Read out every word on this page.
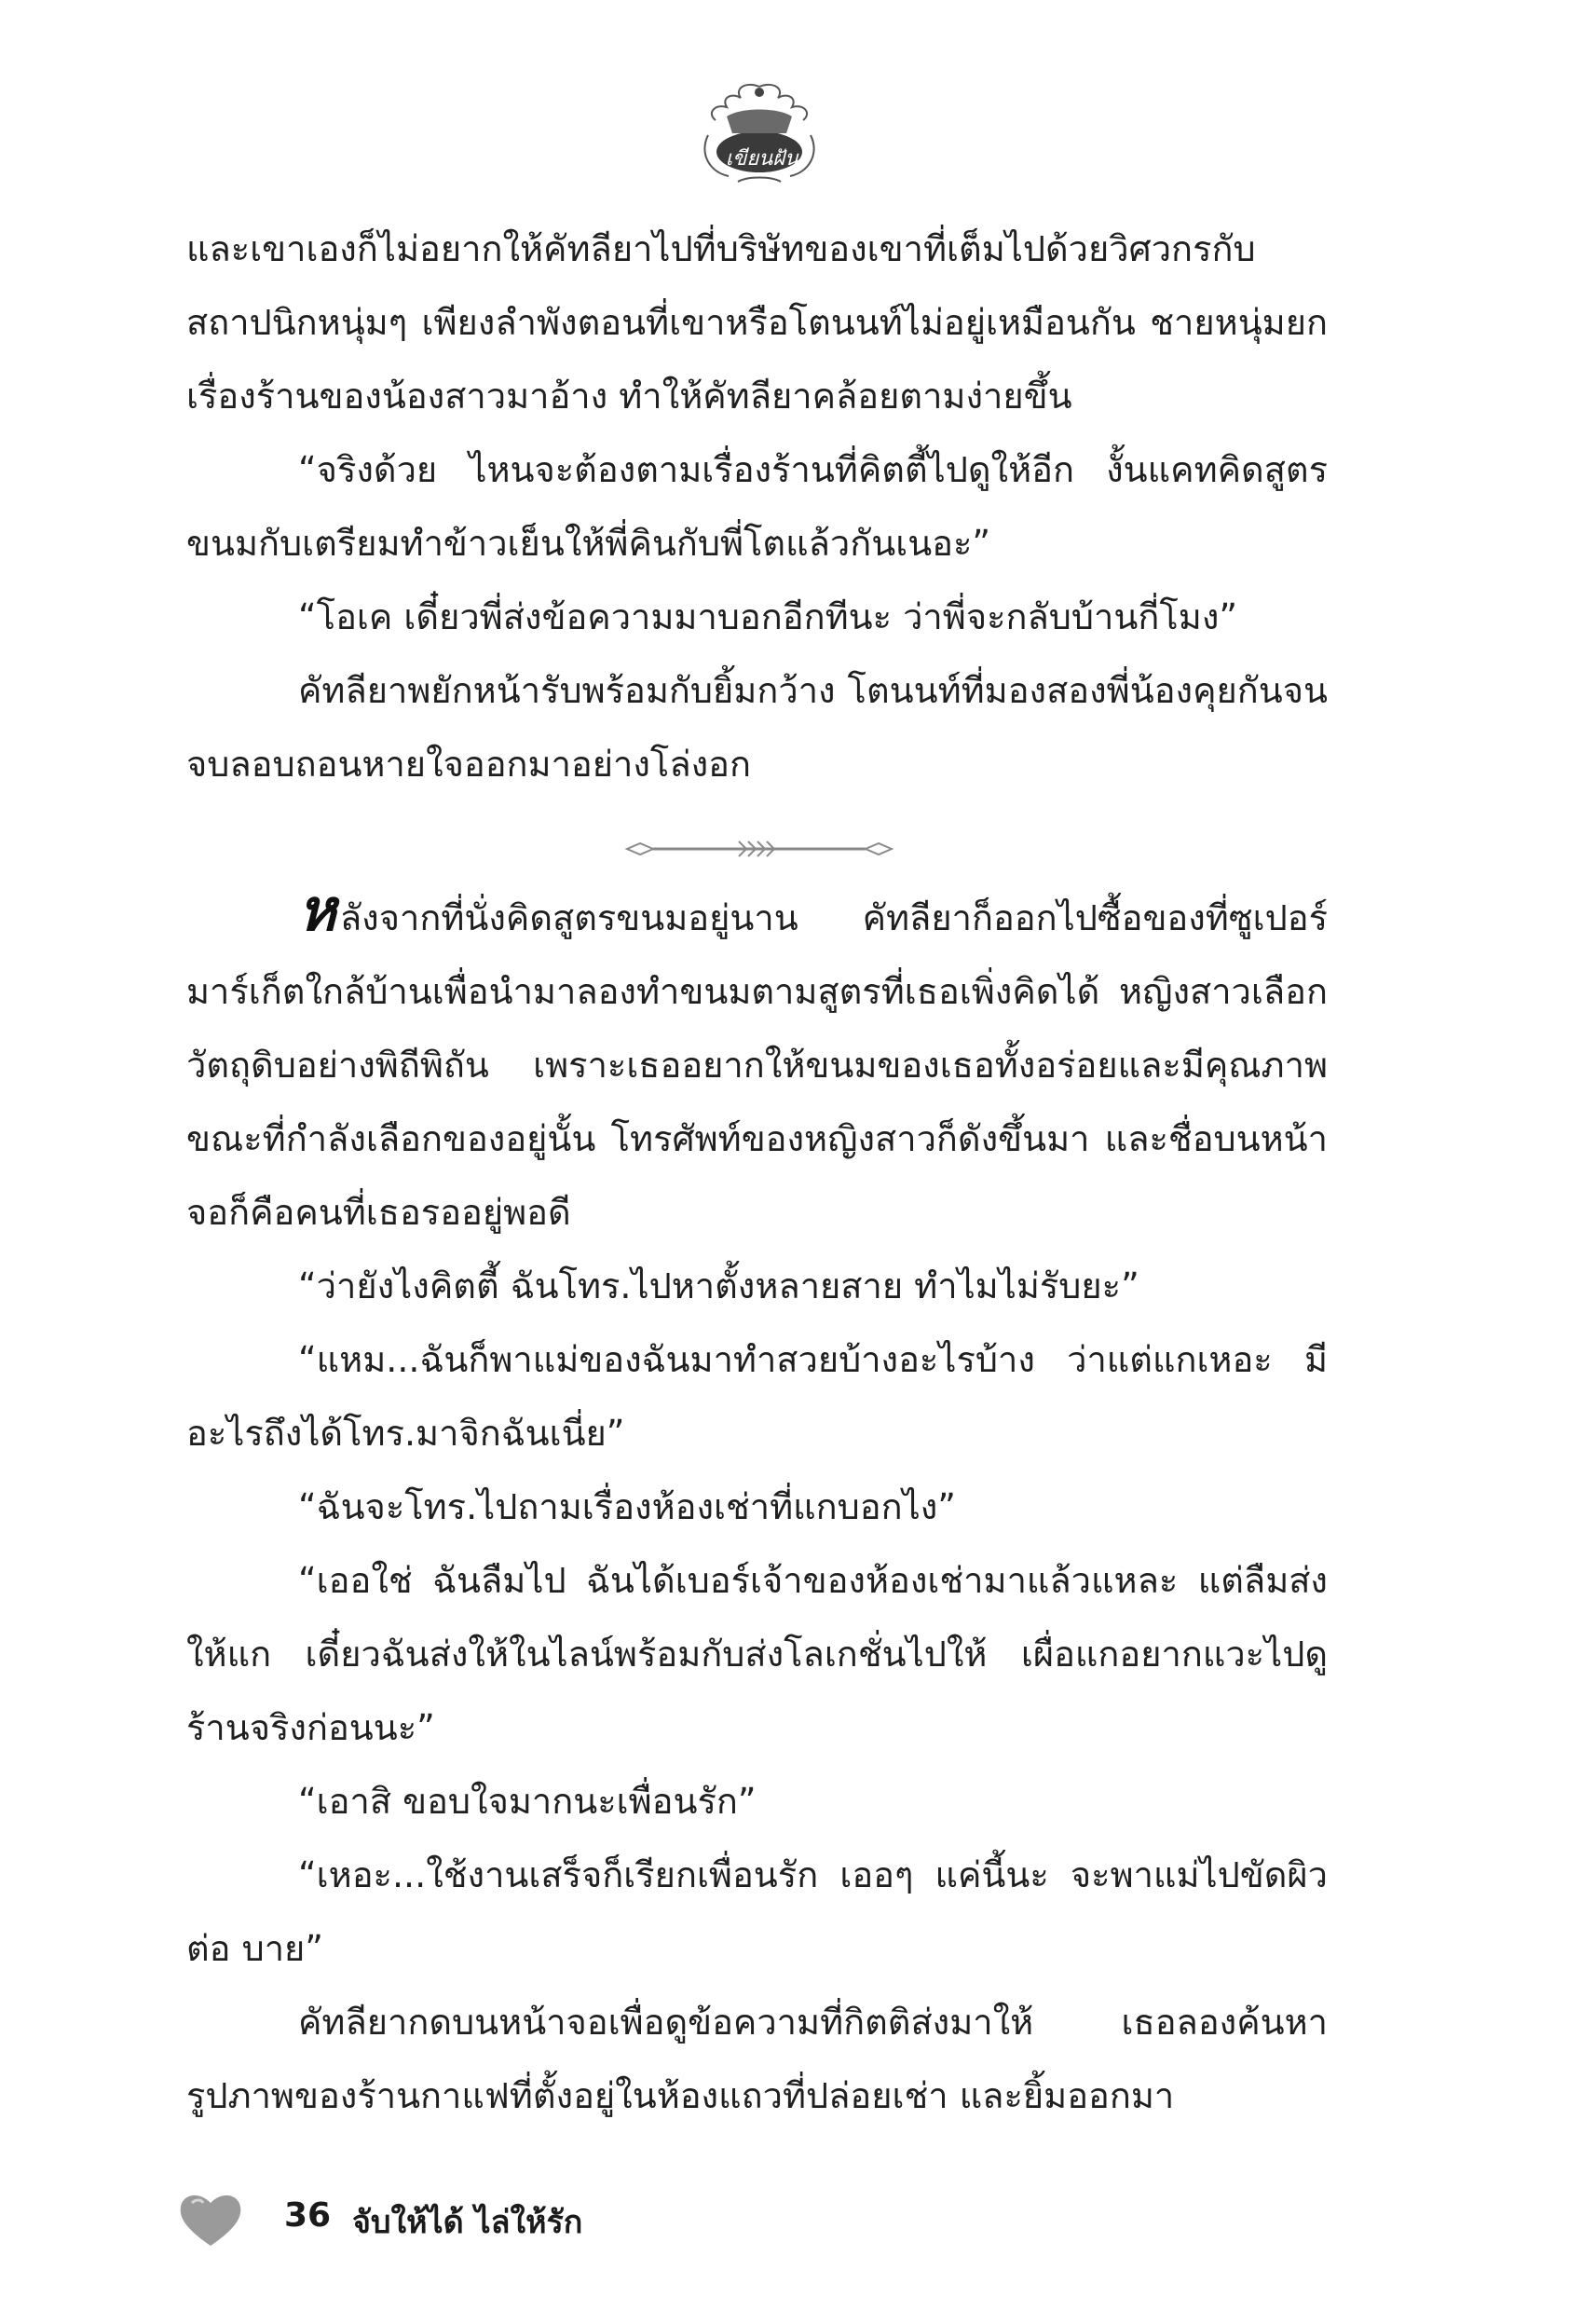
เขียนฝัน

และเขาเองก็ไม่อยากให้คัทลียาไปที่บริษัทของเขาที่เต็มไปด้วยวิศวกรกับสถาปนิกหนุ่มๆ เพียงลำพังตอนที่เขาหรือโตนนท์ไม่อยู่เหมือนกัน ชายหนุ่มยกเรื่องร้านของน้องสาวมาอ้าง ทำให้คัทลียาคล้อยตามง่ายขึ้น

“จริงด้วย ไหนจะต้องตามเรื่องร้านที่คิตตี้ไปดูให้อีก งั้นแคทคิดสูตรขนมกับเตรียมทำข้าวเย็นให้พี่คินกับพี่โตแล้วกันเนอะ”

“โอเค เดี๋ยวพี่ส่งข้อความมาบอกอีกทีนะ ว่าพี่จะกลับบ้านกี่โมง”

คัทลียาพยักหน้ารับพร้อมกับยิ้มกว้าง โตนนท์ที่มองสองพี่น้องคุยกันจนจบลอบถอนหายใจออกมาอย่างโล่งอก

หลังจากที่นั่งคิดสูตรขนมอยู่นาน คัทลียาก็ออกไปซื้อของที่ซูเปอร์มาร์เก็ตใกล้บ้านเพื่อนำมาลองทำขนมตามสูตรที่เธอเพิ่งคิดได้ หญิงสาวเลือกวัตถุดิบอย่างพิถีพิถัน เพราะเธออยากให้ขนมของเธอทั้งอร่อยและมีคุณภาพ ขณะที่กำลังเลือกของอยู่นั้น โทรศัพท์ของหญิงสาวก็ดังขึ้นมา และชื่อบนหน้าจอก็คือคนที่เธอรออยู่พอดี

“ว่ายังไงคิตตี้ ฉันโทร.ไปหาตั้งหลายสาย ทำไมไม่รับยะ”

“แหม...ฉันก็พาแม่ของฉันมาทำสวยบ้างอะไรบ้าง ว่าแต่แกเหอะ มีอะไรถึงได้โทร.มาจิกฉันเนี่ย”

“ฉันจะโทร.ไปถามเรื่องห้องเช่าที่แกบอกไง”

“เออใช่ ฉันลืมไป ฉันได้เบอร์เจ้าของห้องเช่ามาแล้วแหละ แต่ลืมส่งให้แก เดี๋ยวฉันส่งให้ในไลน์พร้อมกับส่งโลเกชั่นไปให้ เผื่อแกอยากแวะไปดูร้านจริงก่อนนะ”

“เอาสิ ขอบใจมากนะเพื่อนรัก”

“เหอะ...ใช้งานเสร็จก็เรียกเพื่อนรัก เออๆ แค่นี้นะ จะพาแม่ไปขัดผิวต่อ บาย”

คัทลียากดบนหน้าจอเพื่อดูข้อความที่กิตติส่งมาให้ เธอลองค้นหารูปภาพของร้านกาแฟที่ตั้งอยู่ในห้องแถวที่ปล่อยเช่า และยิ้มออกมา

36 จับให้ได้ ไล่ให้รัก
